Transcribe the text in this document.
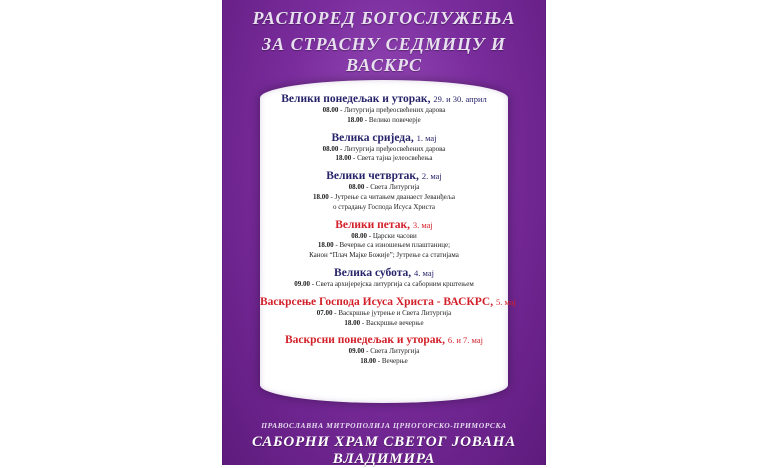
РАСПОРЕД БОГОСЛУЖЕЊА
ЗА СТРАСНУ СЕДМИЦУ И ВАСКРС
Велики понедељак и уторак, 29. и 30. април
08.00 - Литургија пређеосвећених дарова
18.00 - Велико повечерје
Велика сриједа, 1. мај
08.00 - Литургија пређеосвећених дарова
18.00 - Света тајна јелеосвећења
Велики четвртак, 2. мај
08.00 - Света Литургија
18.00 - Јутрење са читањем дванаест Јеванђеља
о страдању Господа Исуса Христа
Велики петак, 3. мај
08.00 - Царски часови
18.00 - Вечерње са изношењем плаштанице;
Канон “Плач Мајке Божије”; Јутрење са статијама
Велика субота, 4. мај
09.00 - Света архијерејска литургија са саборним крштењем
Васкрсење Господа Исуса Христа - ВАСКРС, 5. мај
07.00 - Васкршње јутрење и Света Литургија
18.00 - Васкршње вечерње
Васкрсни понедељак и уторак, 6. и 7. мај
09.00 - Света Литургија
18.00 - Вечерње
ПРАВОСЛАВНА МИТРОПОЛИЈА ЦРНОГОРСКО-ПРИМОРСКА
САБОРНИ ХРАМ СВЕТОГ ЈОВАНА ВЛАДИМИРА
